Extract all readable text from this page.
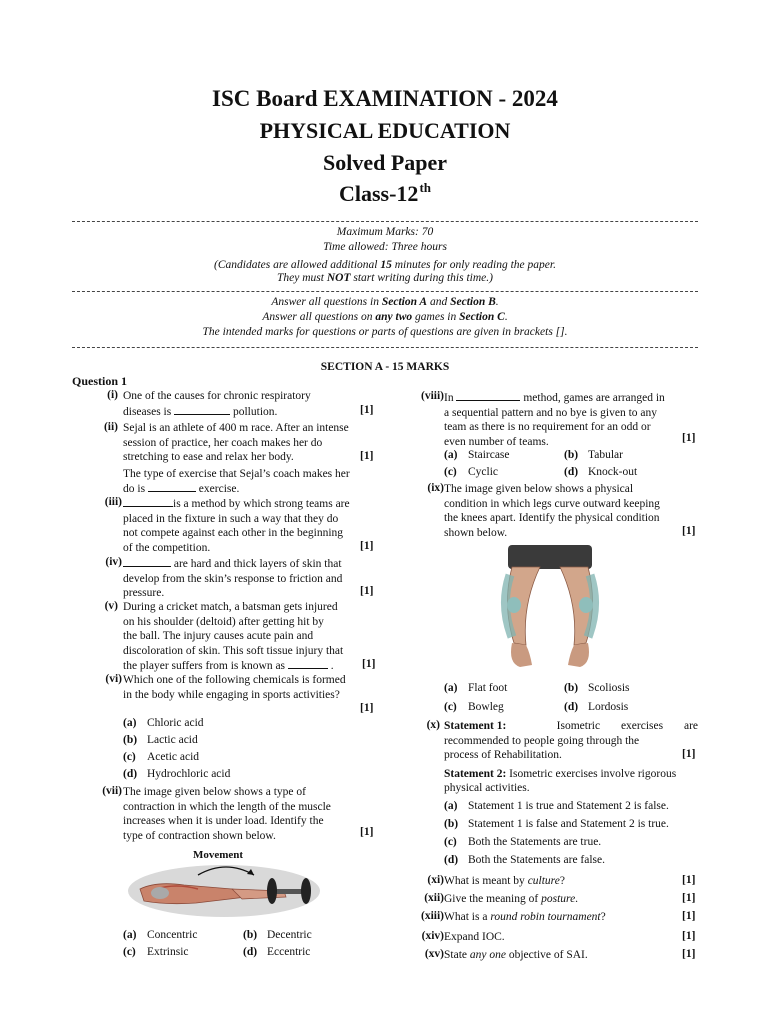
ISC Board EXAMINATION - 2024
PHYSICAL EDUCATION
Solved Paper
Class-12th
Maximum Marks: 70
Time allowed: Three hours
(Candidates are allowed additional 15 minutes for only reading the paper.
They must NOT start writing during this time.)
Answer all questions in Section A and Section B.
Answer all questions on any two games in Section C.
The intended marks for questions or parts of questions are given in brackets [].
SECTION A - 15 MARKS
Question 1
(i) One of the causes for chronic respiratory
diseases is	pollution.	[1]
(ii) Sejal is an athlete of 400 m race. After an intense
session of practice, her coach makes her do
stretching to ease and relax her body.
The type of exercise that Sejal’s coach makes her
do is	exercise.
[1]
(iii)	is a method by which strong teams are
placed in the fixture in such a way that they do
not compete against each other in the beginning
of the competition.	[1]
(iv)	are hard and thick layers of skin that
develop from the skin’s response to friction and
pressure.	[1]
(v) During a cricket match, a batsman gets injured
on his shoulder (deltoid) after getting hit by
the ball. The injury causes acute pain and
discoloration of skin. This soft tissue injury that
the player suffers from is known as	.	[1]
(vi) Which one of the following chemicals is formed
in the body while engaging in sports activities?
[1]
(a) Chloric acid
(b) Lactic acid
(c) Acetic acid
(d) Hydrochloric acid
(vii) The image given below shows a type of
contraction in which the length of the muscle
increases when it is under load. Identify the
type of contraction shown below.	[1]
Movement
(a) Concentric	(b) Decentric
(c) Extrinsic	(d) Eccentric
(viii) In	method, games are arranged in
a sequential pattern and no bye is given to any
team as there is no requirement for an odd or
even number of teams.	[1]
(a) Staircase	(b) Tabular
(c) Cyclic	(d) Knock-out
(ix) The image given below shows a physical
condition in which legs curve outward keeping
the knees apart. Identify the physical condition
shown below.	[1]
(a) Flat foot	(b) Scoliosis
(c) Bowleg	(d) Lordosis
(x) Statement 1:	Isometric exercises are
recommended to people going through the
process of Rehabilitation.
Statement 2: Isometric exercises involve rigorous
physical activities.
[1]
(a) Statement 1 is true and Statement 2 is false.
(b) Statement 1 is false and Statement 2 is true.
(c) Both the Statements are true.
(d) Both the Statements are false.
(xi) What is meant by culture?	[1]
(xii) Give the meaning of posture.	[1]
(xiii) What is a round robin tournament?	[1]
(xiv) Expand IOC.	[1]
(xv) State any one objective of SAI.	[1]
